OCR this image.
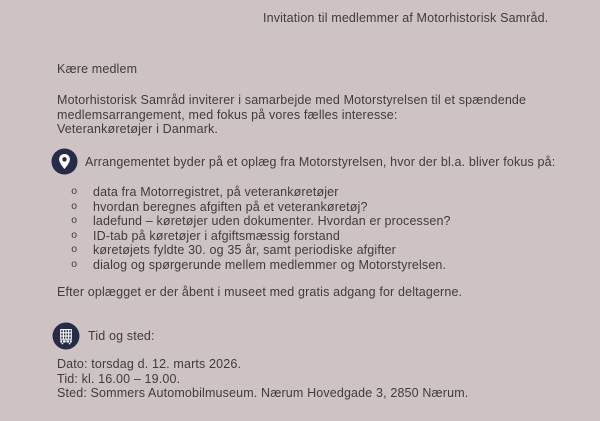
Invitation til medlemmer af Motorhistorisk Samråd.
Kære medlem
Motorhistorisk Samråd inviterer i samarbejde med Motorstyrelsen til et spændende
medlemsarrangement, med fokus på vores fælles interesse:
Veterankøretøjer i Danmark.
Arrangementet byder på et oplæg fra Motorstyrelsen, hvor der bl.a. bliver fokus på:
o	data fra Motorregistret, på veterankøretøjer
o	hvordan beregnes afgiften på et veterankøretøj?
o	ladefund – køretøjer uden dokumenter. Hvordan er processen?
o	ID-tab på køretøjer i afgiftsmæssig forstand
o	køretøjets fyldte 30. og 35 år, samt periodiske afgifter
o	dialog og spørgerunde mellem medlemmer og Motorstyrelsen.
Efter oplægget er der åbent i museet med gratis adgang for deltagerne.
Tid og sted:
Dato: torsdag d. 12. marts 2026.
Tid: kl. 16.00 – 19.00.
Sted: Sommers Automobilmuseum. Nærum Hovedgade 3, 2850 Nærum.
